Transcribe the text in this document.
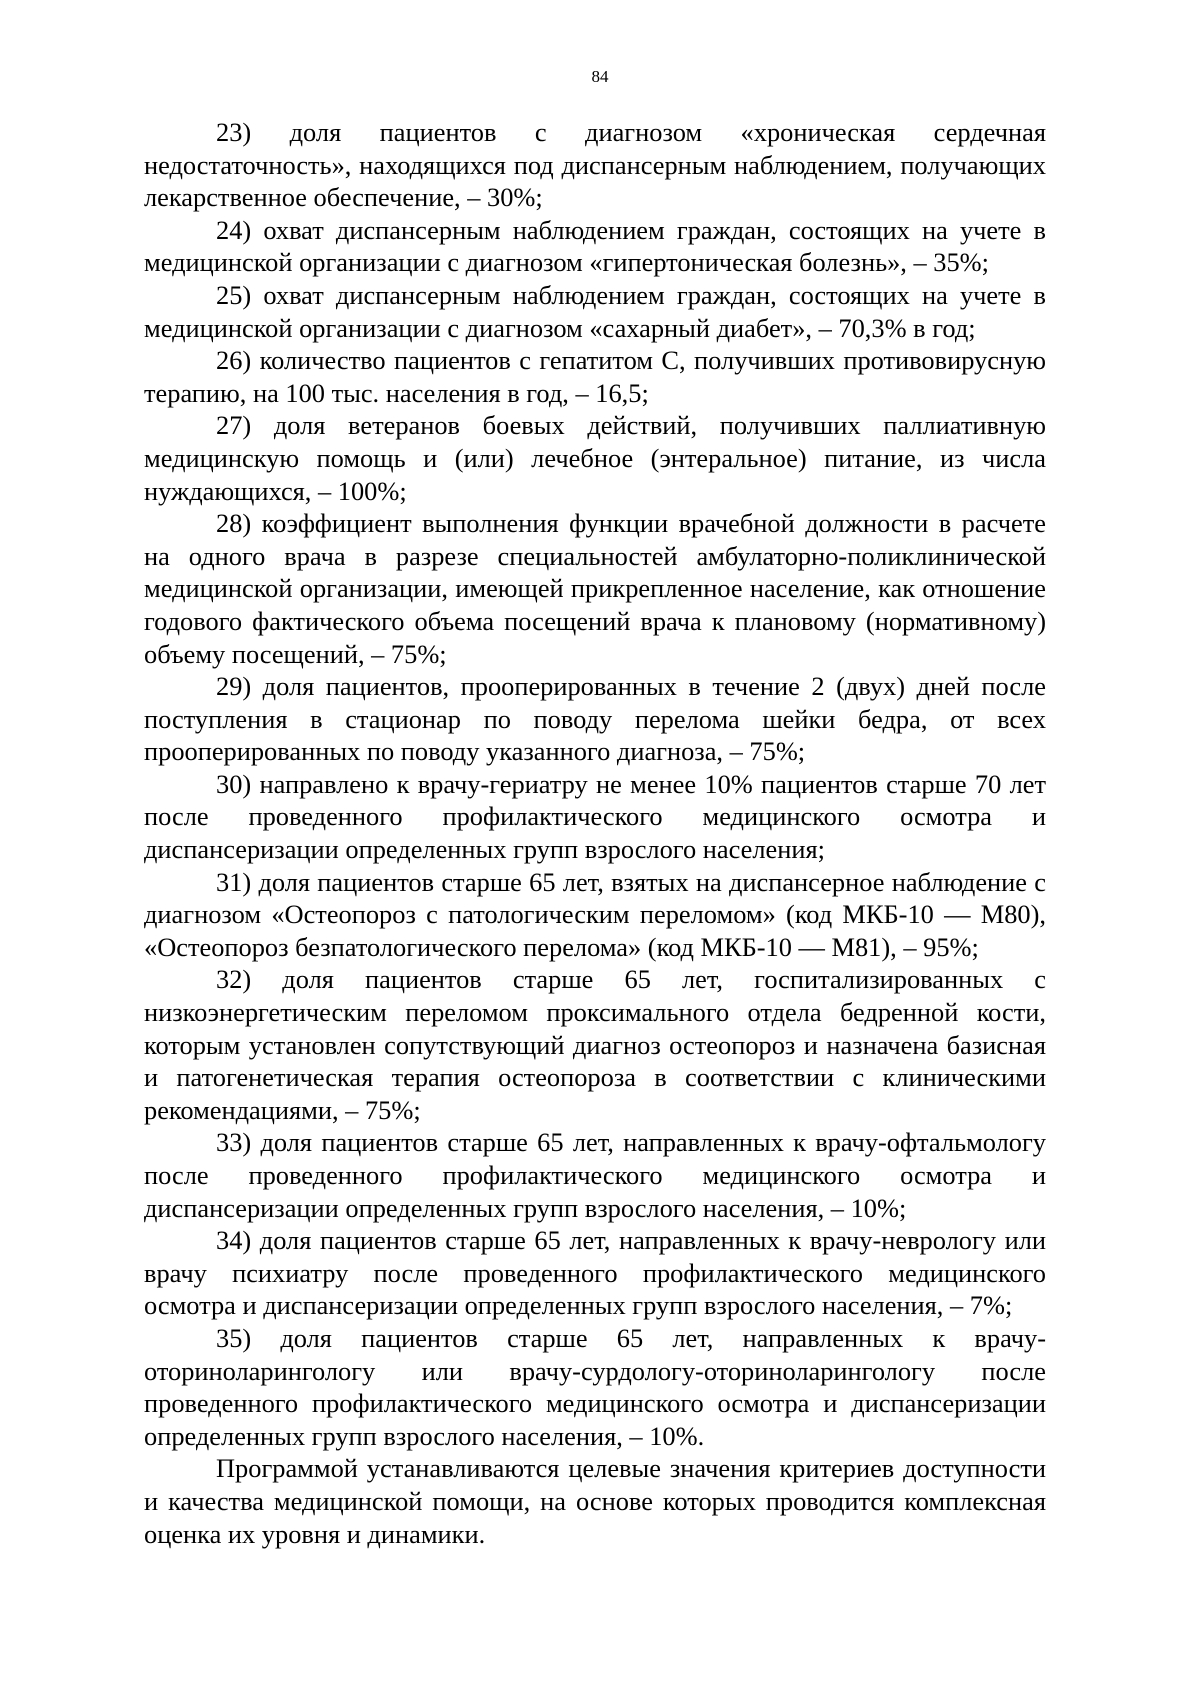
84

23) доля пациентов с диагнозом «хроническая сердечная недостаточность», находящихся под диспансерным наблюдением, получающих лекарственное обеспечение, – 30%;

24) охват диспансерным наблюдением граждан, состоящих на учете в медицинской организации с диагнозом «гипертоническая болезнь», – 35%;

25) охват диспансерным наблюдением граждан, состоящих на учете в медицинской организации с диагнозом «сахарный диабет», – 70,3% в год;

26) количество пациентов с гепатитом С, получивших противовирусную терапию, на 100 тыс. населения в год, – 16,5;

27) доля ветеранов боевых действий, получивших паллиативную медицинскую помощь и (или) лечебное (энтеральное) питание, из числа нуждающихся, – 100%;

28) коэффициент выполнения функции врачебной должности в расчете на одного врача в разрезе специальностей амбулаторно-поликлинической медицинской организации, имеющей прикрепленное население, как отношение годового фактического объема посещений врача к плановому (нормативному) объему посещений, – 75%;

29) доля пациентов, прооперированных в течение 2 (двух) дней после поступления в стационар по поводу перелома шейки бедра, от всех прооперированных по поводу указанного диагноза, – 75%;

30) направлено к врачу-гериатру не менее 10% пациентов старше 70 лет после проведенного профилактического медицинского осмотра и диспансеризации определенных групп взрослого населения;

31) доля пациентов старше 65 лет, взятых на диспансерное наблюдение с диагнозом «Остеопороз с патологическим переломом» (код МКБ-10 — M80), «Остеопороз безпатологического перелома» (код МКБ-10 — M81), – 95%;

32) доля пациентов старше 65 лет, госпитализированных с низкоэнергетическим переломом проксимального отдела бедренной кости, которым установлен сопутствующий диагноз остеопороз и назначена базисная и патогенетическая терапия остеопороза в соответствии с клиническими рекомендациями, – 75%;

33) доля пациентов старше 65 лет, направленных к врачу-офтальмологу после проведенного профилактического медицинского осмотра и диспансеризации определенных групп взрослого населения, – 10%;

34) доля пациентов старше 65 лет, направленных к врачу-неврологу или врачу психиатру после проведенного профилактического медицинского осмотра и диспансеризации определенных групп взрослого населения, – 7%;

35) доля пациентов старше 65 лет, направленных к врачу-оториноларингологу или врачу-сурдологу-оториноларингологу после проведенного профилактического медицинского осмотра и диспансеризации определенных групп взрослого населения, – 10%.

Программой устанавливаются целевые значения критериев доступности и качества медицинской помощи, на основе которых проводится комплексная оценка их уровня и динамики.
